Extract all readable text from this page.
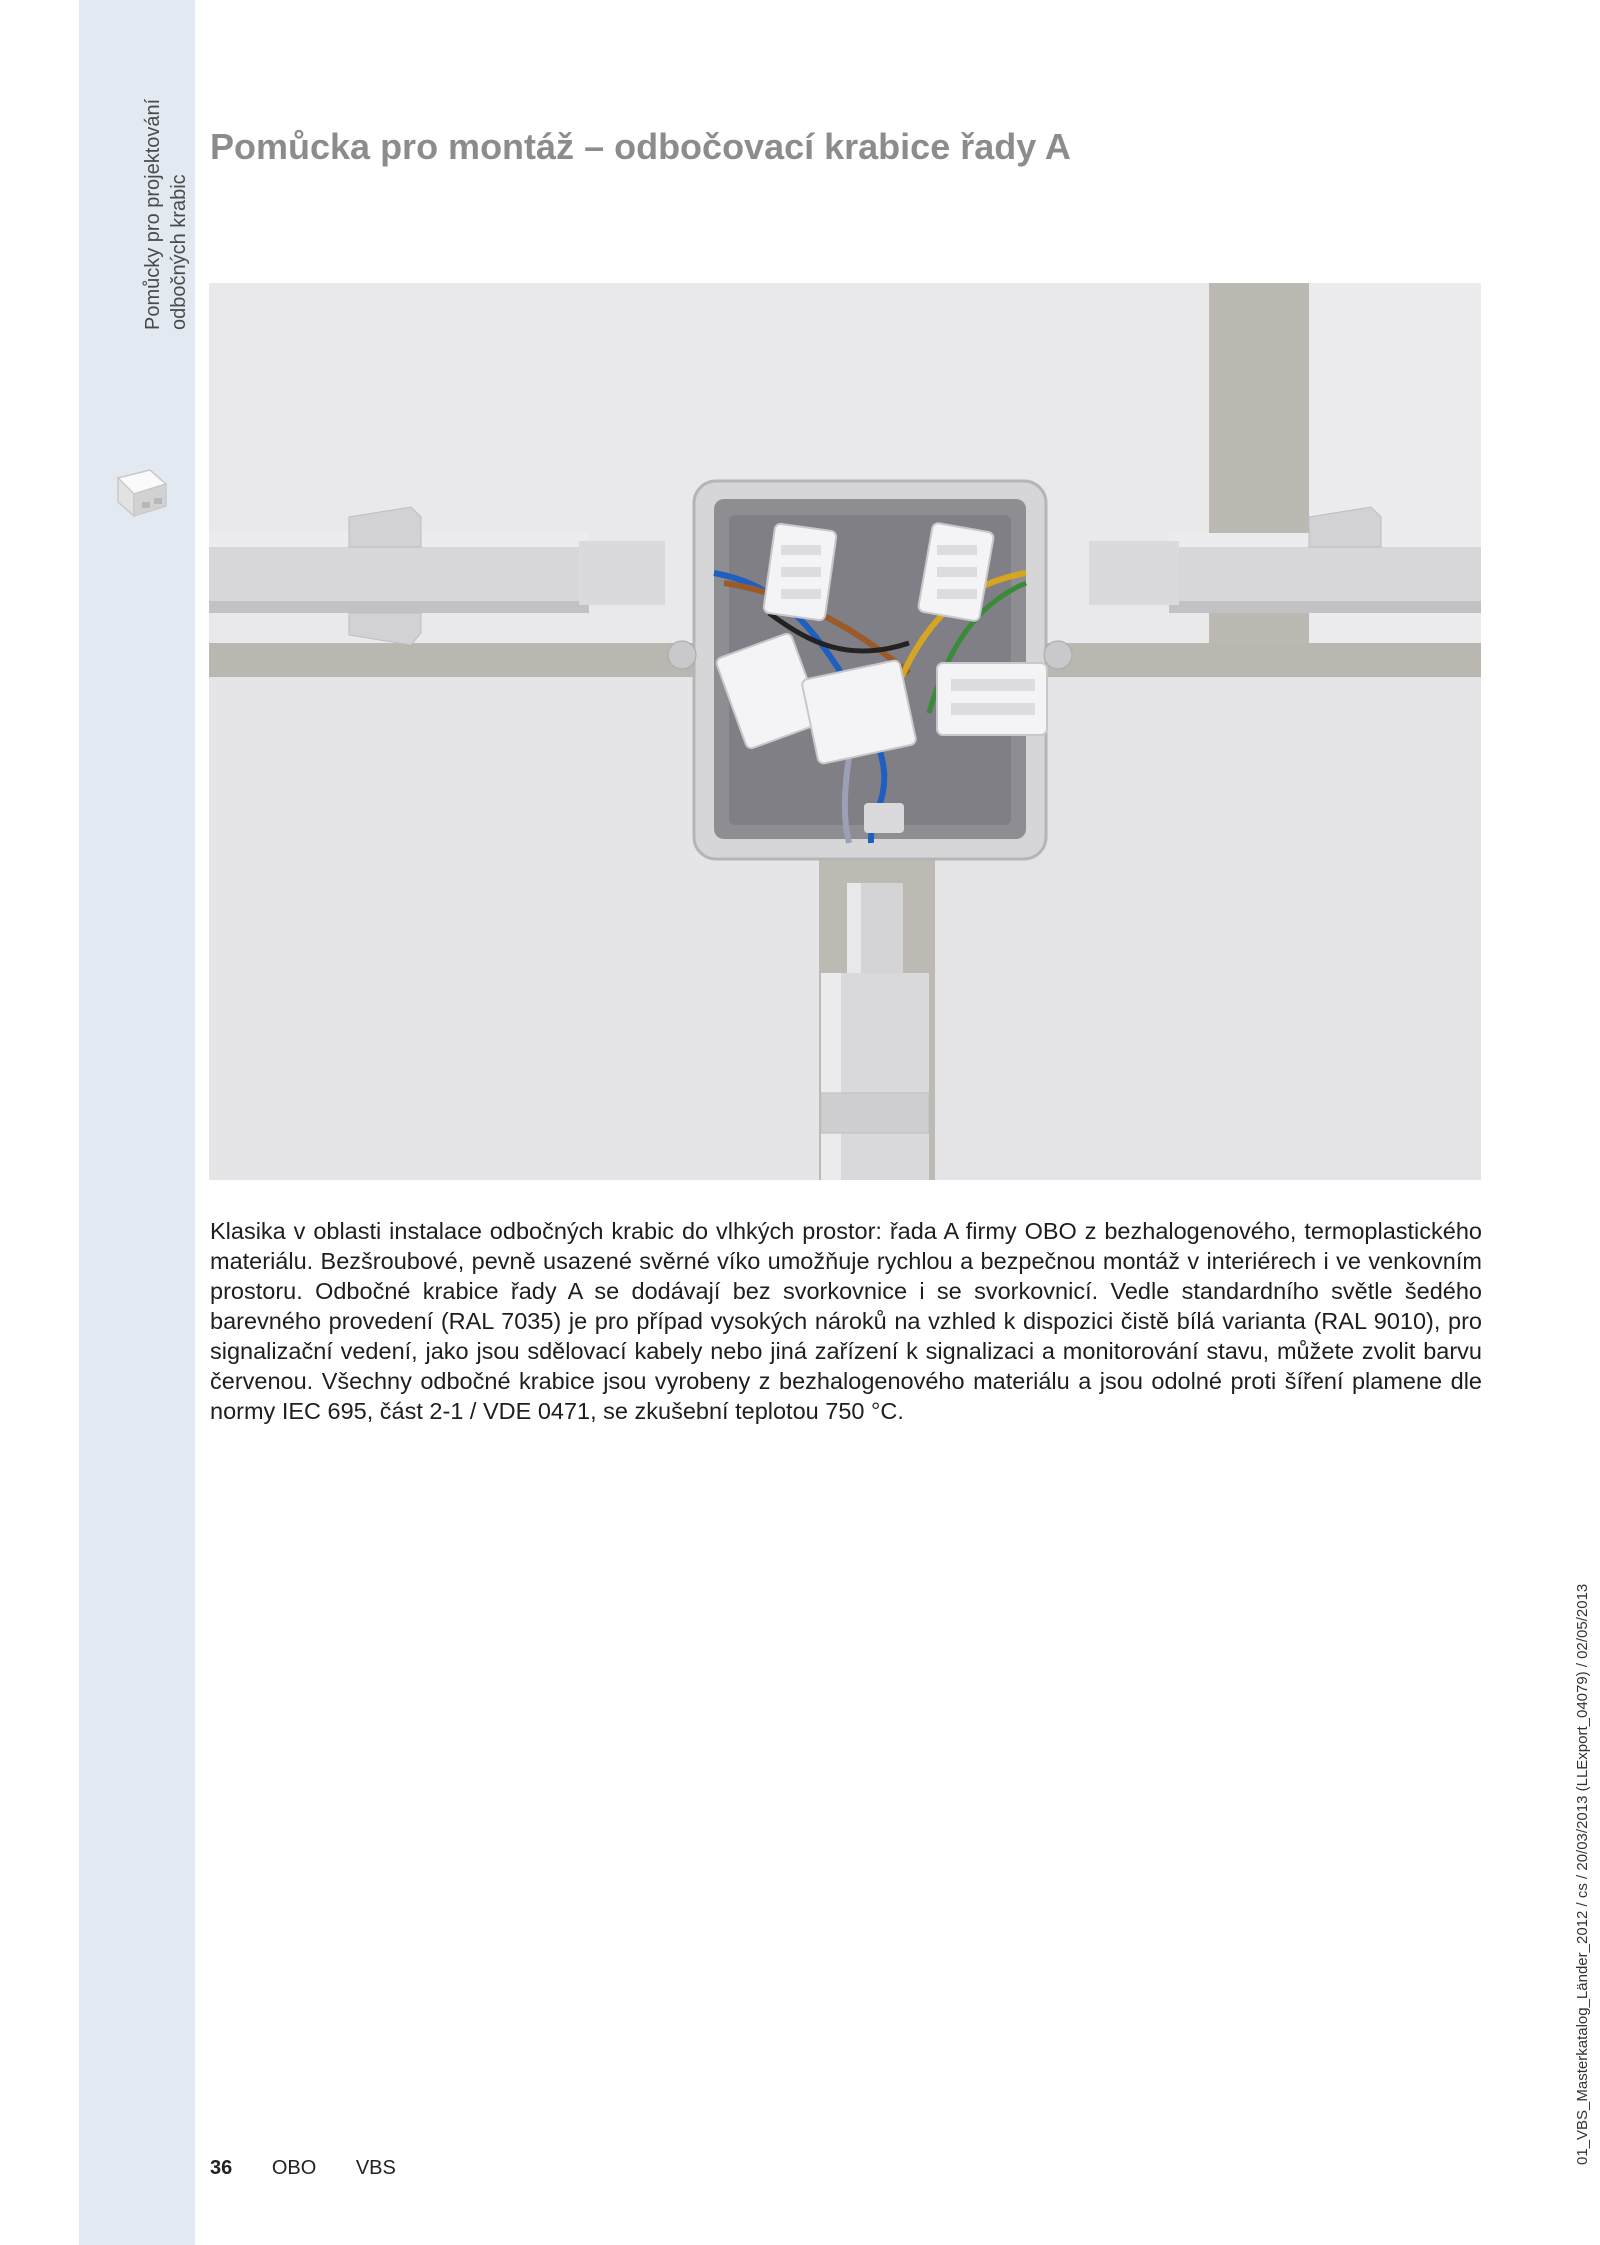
Pomůcky pro projektování odbočných krabic
Pomůcka pro montáž – odbočovací krabice řady A

Klasika v oblasti instalace odbočných krabic do vlhkých prostor: řada A firmy OBO z bezhalogenového, termoplastického materiálu. Bezšroubové, pevně usazené svěrné víko umožňuje rychlou a bezpečnou montáž v interiérech i ve venkovním prostoru. Odbočné krabice řady A se dodávají bez svorkovnice i se svorkovnicí. Vedle standardního světle šedého barevného provedení (RAL 7035) je pro případ vysokých nároků na vzhled k dispozici čistě bílá varianta (RAL 9010), pro signalizační vedení, jako jsou sdělovací kabely nebo jiná zařízení k signalizaci a monitorování stavu, můžete zvolit barvu červenou. Všechny odbočné krabice jsou vyrobeny z bezhalogenového materiálu a jsou odolné proti šíření plamene dle normy IEC 695, část 2-1 / VDE 0471, se zkušební teplotou 750 °C.

36 OBO VBS
01_VBS_Masterkatalog_Länder_2012 / cs / 20/03/2013 (LLExport_04079) / 02/05/2013
